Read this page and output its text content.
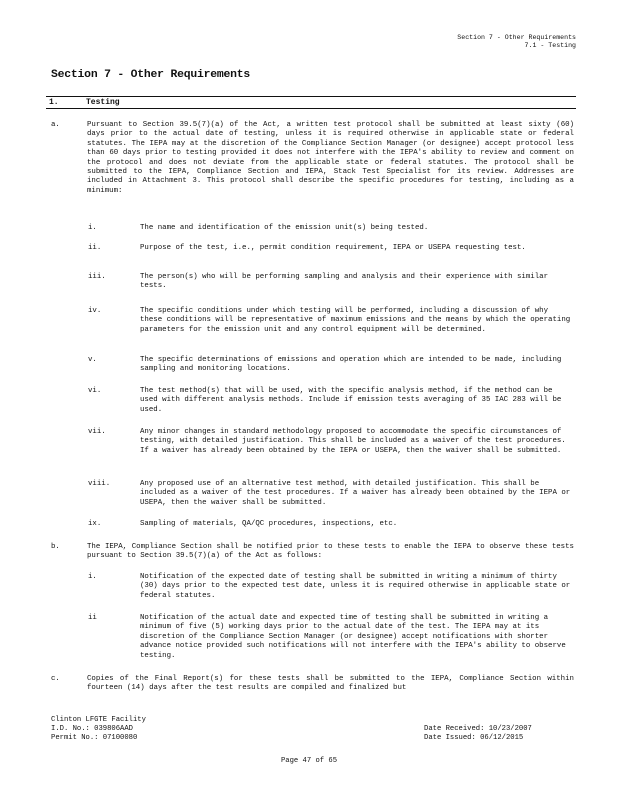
Section 7 - Other Requirements
7.1 - Testing
Section 7 - Other Requirements
1.	Testing
a.	Pursuant to Section 39.5(7)(a) of the Act, a written test protocol shall be submitted at least sixty (60) days prior to the actual date of testing, unless it is required otherwise in applicable state or federal statutes. The IEPA may at the discretion of the Compliance Section Manager (or designee) accept protocol less than 60 days prior to testing provided it does not interfere with the IEPA's ability to review and comment on the protocol and does not deviate from the applicable state or federal statutes. The protocol shall be submitted to the IEPA, Compliance Section and IEPA, Stack Test Specialist for its review. Addresses are included in Attachment 3. This protocol shall describe the specific procedures for testing, including as a minimum:
i.	The name and identification of the emission unit(s) being tested.
ii.	Purpose of the test, i.e., permit condition requirement, IEPA or USEPA requesting test.
iii.	The person(s) who will be performing sampling and analysis and their experience with similar tests.
iv.	The specific conditions under which testing will be performed, including a discussion of why these conditions will be representative of maximum emissions and the means by which the operating parameters for the emission unit and any control equipment will be determined.
v.	The specific determinations of emissions and operation which are intended to be made, including sampling and monitoring locations.
vi.	The test method(s) that will be used, with the specific analysis method, if the method can be used with different analysis methods. Include if emission tests averaging of 35 IAC 283 will be used.
vii.	Any minor changes in standard methodology proposed to accommodate the specific circumstances of testing, with detailed justification. This shall be included as a waiver of the test procedures. If a waiver has already been obtained by the IEPA or USEPA, then the waiver shall be submitted.
viii.	Any proposed use of an alternative test method, with detailed justification. This shall be included as a waiver of the test procedures. If a waiver has already been obtained by the IEPA or USEPA, then the waiver shall be submitted.
ix.	Sampling of materials, QA/QC procedures, inspections, etc.
b.	The IEPA, Compliance Section shall be notified prior to these tests to enable the IEPA to observe these tests pursuant to Section 39.5(7)(a) of the Act as follows:
i.	Notification of the expected date of testing shall be submitted in writing a minimum of thirty (30) days prior to the expected test date, unless it is required otherwise in applicable state or federal statutes.
ii	Notification of the actual date and expected time of testing shall be submitted in writing a minimum of five (5) working days prior to the actual date of the test. The IEPA may at its discretion of the Compliance Section Manager (or designee) accept notifications with shorter advance notice provided such notifications will not interfere with the IEPA's ability to observe testing.
c.	Copies of the Final Report(s) for these tests shall be submitted to the IEPA, Compliance Section within fourteen (14) days after the test results are compiled and finalized but
Clinton LFGTE Facility
I.D. No.: 039806AAD
Permit No.: 07100080
Date Received: 10/23/2007
Date Issued: 06/12/2015
Page 47 of 65
